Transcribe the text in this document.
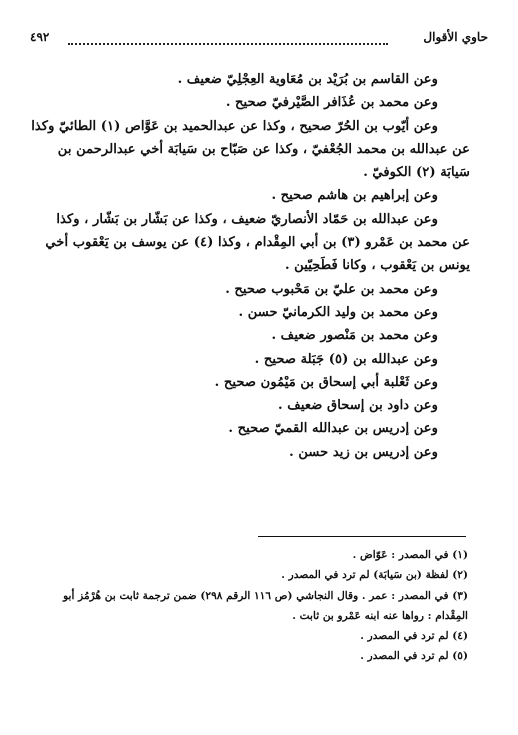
حاوي الأقوال
٤٩٢

وعن القاسم بن بُرَيْد بن مُعَاوية العِجْلِيّ ضعيف .

وعن محمد بن عُذَافر الصَّيْرفيّ صحيح .

وعن أيّوب بن الحُرّ صحيح ، وكذا عن عبدالحميد بن عَوَّاص (١) الطائيّ وكذا

عن عبدالله بن محمد الجُعْفيّ ، وكذا عن صَبّاح بن سَيابَة أخي عبدالرحمن بن

سَيابَة (٢) الكوفيّ .

وعن إبراهيم بن هاشم صحيح .

وعن عبدالله بن حَمّاد الأنصاريّ ضعيف ، وكذا عن بَشّار بن بَشّار ، وكذا

عن محمد بن عَمْرو (٣) بن أبي المِقْدام ، وكذا (٤) عن يوسف بن يَعْقوب أخي

يونس بن يَعْقوب ، وكانا فَطَحِيّين .

وعن محمد بن عليّ بن مَحْبوب صحيح .

وعن محمد بن وليد الكرمانيّ حسن .

وعن محمد بن مَنْصور ضعيف .

وعن عبدالله بن (٥) جَبَلة صحيح .

وعن ثَعْلبة أبي إسحاق بن مَيْمُون صحيح .

وعن داود بن إسحاق ضعيف .

وعن إدريس بن عبدالله القميّ صحيح .

وعن إدريس بن زيد حسن .

(١) في المصدر : عَوّاض .

(٢) لفظة (بن سَيابَة) لم ترد في المصدر .

(٣) في المصدر : عمر . وقال النجاشي (ص ١١٦ الرقم ٢٩٨) ضمن ترجمة ثابت بن هُرْمُز أبو

المِقْدام : رواها عنه ابنه عَمْرو بن ثابت .

(٤) لم ترد في المصدر .

(٥) لم ترد في المصدر .
